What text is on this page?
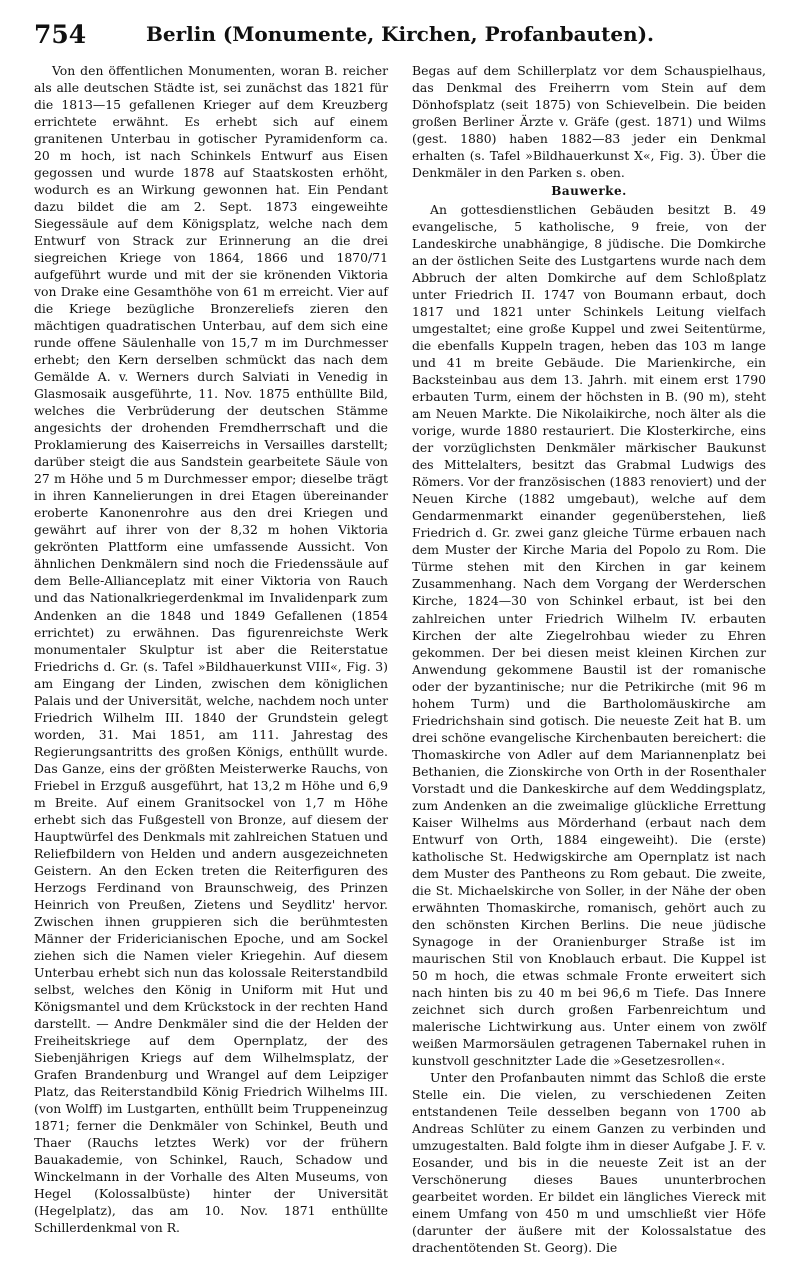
754	Berlin (Monumente, Kirchen, Profanbauten).

Von den öffentlichen Monumenten, woran B. reicher als alle deutschen Städte ist, sei zunächst das 1821 für die 1813—15 gefallenen Krieger auf dem Kreuzberg errichtete erwähnt. Es erhebt sich auf einem granitenen Unterbau in gotischer Pyramidenform ca. 20 m hoch, ist nach Schinkels Entwurf aus Eisen gegossen und wurde 1878 auf Staatskosten erhöht, wodurch es an Wirkung gewonnen hat. Ein Pendant dazu bildet die am 2. Sept. 1873 eingeweihte Siegessäule auf dem Königsplatz, welche nach dem Entwurf von Strack zur Erinnerung an die drei siegreichen Kriege von 1864, 1866 und 1870/71 aufgeführt wurde und mit der sie krönenden Viktoria von Drake eine Gesamthöhe von 61 m erreicht. Vier auf die Kriege bezügliche Bronzereliefs zieren den mächtigen quadratischen Unterbau, auf dem sich eine runde offene Säulenhalle von 15,7 m im Durchmesser erhebt; den Kern derselben schmückt das nach dem Gemälde A. v. Werners durch Salviati in Venedig in Glasmosaik ausgeführte, 11. Nov. 1875 enthüllte Bild, welches die Verbrüderung der deutschen Stämme angesichts der drohenden Fremdherrschaft und die Proklamierung des Kaiserreichs in Versailles darstellt; darüber steigt die aus Sandstein gearbeitete Säule von 27 m Höhe und 5 m Durchmesser empor; dieselbe trägt in ihren Kannelierungen in drei Etagen übereinander eroberte Kanonenrohre aus den drei Kriegen und gewährt auf ihrer von der 8,32 m hohen Viktoria gekrönten Plattform eine umfassende Aussicht. Von ähnlichen Denkmälern sind noch die Friedenssäule auf dem Belle-Allianceplatz mit einer Viktoria von Rauch und das Nationalkriegerdenkmal im Invalidenpark zum Andenken an die 1848 und 1849 Gefallenen (1854 errichtet) zu erwähnen. Das figurenreichste Werk monumentaler Skulptur ist aber die Reiterstatue Friedrichs d. Gr. (s. Tafel »Bildhauerkunst VIII«, Fig. 3) am Eingang der Linden, zwischen dem königlichen Palais und der Universität, welche, nachdem noch unter Friedrich Wilhelm III. 1840 der Grundstein gelegt worden, 31. Mai 1851, am 111. Jahrestag des Regierungsantritts des großen Königs, enthüllt wurde. Das Ganze, eins der größten Meisterwerke Rauchs, von Friebel in Erzguß ausgeführt, hat 13,2 m Höhe und 6,9 m Breite. Auf einem Granitsockel von 1,7 m Höhe erhebt sich das Fußgestell von Bronze, auf diesem der Hauptwürfel des Denkmals mit zahlreichen Statuen und Reliefbildern von Helden und andern ausgezeichneten Geistern. An den Ecken treten die Reiterfiguren des Herzogs Ferdinand von Braunschweig, des Prinzen Heinrich von Preußen, Zietens und Seydlitz' hervor. Zwischen ihnen gruppieren sich die berühmtesten Männer der Fridericianischen Epoche, und am Sockel ziehen sich die Namen vieler Kriegehin. Auf diesem Unterbau erhebt sich nun das kolossale Reiterstandbild selbst, welches den König in Uniform mit Hut und Königsmantel und dem Krückstock in der rechten Hand darstellt. — Andre Denkmäler sind die der Helden der Freiheitskriege auf dem Opernplatz, der des Siebenjährigen Kriegs auf dem Wilhelmsplatz, der Grafen Brandenburg und Wrangel auf dem Leipziger Platz, das Reiterstandbild König Friedrich Wilhelms III. (von Wolff) im Lustgarten, enthüllt beim Truppeneinzug 1871; ferner die Denkmäler von Schinkel, Beuth und Thaer (Rauchs letztes Werk) vor der frühern Bauakademie, von Schinkel, Rauch, Schadow und Winckelmann in der Vorhalle des Alten Museums, von Hegel (Kolossalbüste) hinter der Universität (Hegelplatz), das am 10. Nov. 1871 enthüllte Schillerdenkmal von R.

Begas auf dem Schillerplatz vor dem Schauspielhaus, das Denkmal des Freiherrn vom Stein auf dem Dönhofsplatz (seit 1875) von Schievelbein. Die beiden großen Berliner Ärzte v. Gräfe (gest. 1871) und Wilms (gest. 1880) haben 1882—83 jeder ein Denkmal erhalten (s. Tafel »Bildhauerkunst X«, Fig. 3). Über die Denkmäler in den Parken s. oben.

Bauwerke.

An gottesdienstlichen Gebäuden besitzt B. 49 evangelische, 5 katholische, 9 freie, von der Landeskirche unabhängige, 8 jüdische. Die Domkirche an der östlichen Seite des Lustgartens wurde nach dem Abbruch der alten Domkirche auf dem Schloßplatz unter Friedrich II. 1747 von Boumann erbaut, doch 1817 und 1821 unter Schinkels Leitung vielfach umgestaltet; eine große Kuppel und zwei Seitentürme, die ebenfalls Kuppeln tragen, heben das 103 m lange und 41 m breite Gebäude. Die Marienkirche, ein Backsteinbau aus dem 13. Jahrh. mit einem erst 1790 erbauten Turm, einem der höchsten in B. (90 m), steht am Neuen Markte. Die Nikolaikirche, noch älter als die vorige, wurde 1880 restauriert. Die Klosterkirche, eins der vorzüglichsten Denkmäler märkischer Baukunst des Mittelalters, besitzt das Grabmal Ludwigs des Römers. Vor der französischen (1883 renoviert) und der Neuen Kirche (1882 umgebaut), welche auf dem Gendarmenmarkt einander gegenüberstehen, ließ Friedrich d. Gr. zwei ganz gleiche Türme erbauen nach dem Muster der Kirche Maria del Popolo zu Rom. Die Türme stehen mit den Kirchen in gar keinem Zusammenhang. Nach dem Vorgang der Werderschen Kirche, 1824—30 von Schinkel erbaut, ist bei den zahlreichen unter Friedrich Wilhelm IV. erbauten Kirchen der alte Ziegelrohbau wieder zu Ehren gekommen. Der bei diesen meist kleinen Kirchen zur Anwendung gekommene Baustil ist der romanische oder der byzantinische; nur die Petrikirche (mit 96 m hohem Turm) und die Bartholomäuskirche am Friedrichshain sind gotisch. Die neueste Zeit hat B. um drei schöne evangelische Kirchenbauten bereichert: die Thomaskirche von Adler auf dem Mariannenplatz bei Bethanien, die Zionskirche von Orth in der Rosenthaler Vorstadt und die Dankeskirche auf dem Weddingsplatz, zum Andenken an die zweimalige glückliche Errettung Kaiser Wilhelms aus Mörderhand (erbaut nach dem Entwurf von Orth, 1884 eingeweiht). Die (erste) katholische St. Hedwigskirche am Opernplatz ist nach dem Muster des Pantheons zu Rom gebaut. Die zweite, die St. Michaelskirche von Soller, in der Nähe der oben erwähnten Thomaskirche, romanisch, gehört auch zu den schönsten Kirchen Berlins. Die neue jüdische Synagoge in der Oranienburger Straße ist im maurischen Stil von Knoblauch erbaut. Die Kuppel ist 50 m hoch, die etwas schmale Fronte erweitert sich nach hinten bis zu 40 m bei 96,6 m Tiefe. Das Innere zeichnet sich durch großen Farbenreichtum und malerische Lichtwirkung aus. Unter einem von zwölf weißen Marmorsäulen getragenen Tabernakel ruhen in kunstvoll geschnitzter Lade die »Gesetzesrollen«.

Unter den Profanbauten nimmt das Schloß die erste Stelle ein. Die vielen, zu verschiedenen Zeiten entstandenen Teile desselben begann von 1700 ab Andreas Schlüter zu einem Ganzen zu verbinden und umzugestalten. Bald folgte ihm in dieser Aufgabe J. F. v. Eosander, und bis in die neueste Zeit ist an der Verschönerung dieses Baues ununterbrochen gearbeitet worden. Er bildet ein längliches Viereck mit einem Umfang von 450 m und umschließt vier Höfe (darunter der äußere mit der Kolossalstatue des drachentötenden St. Georg). Die
